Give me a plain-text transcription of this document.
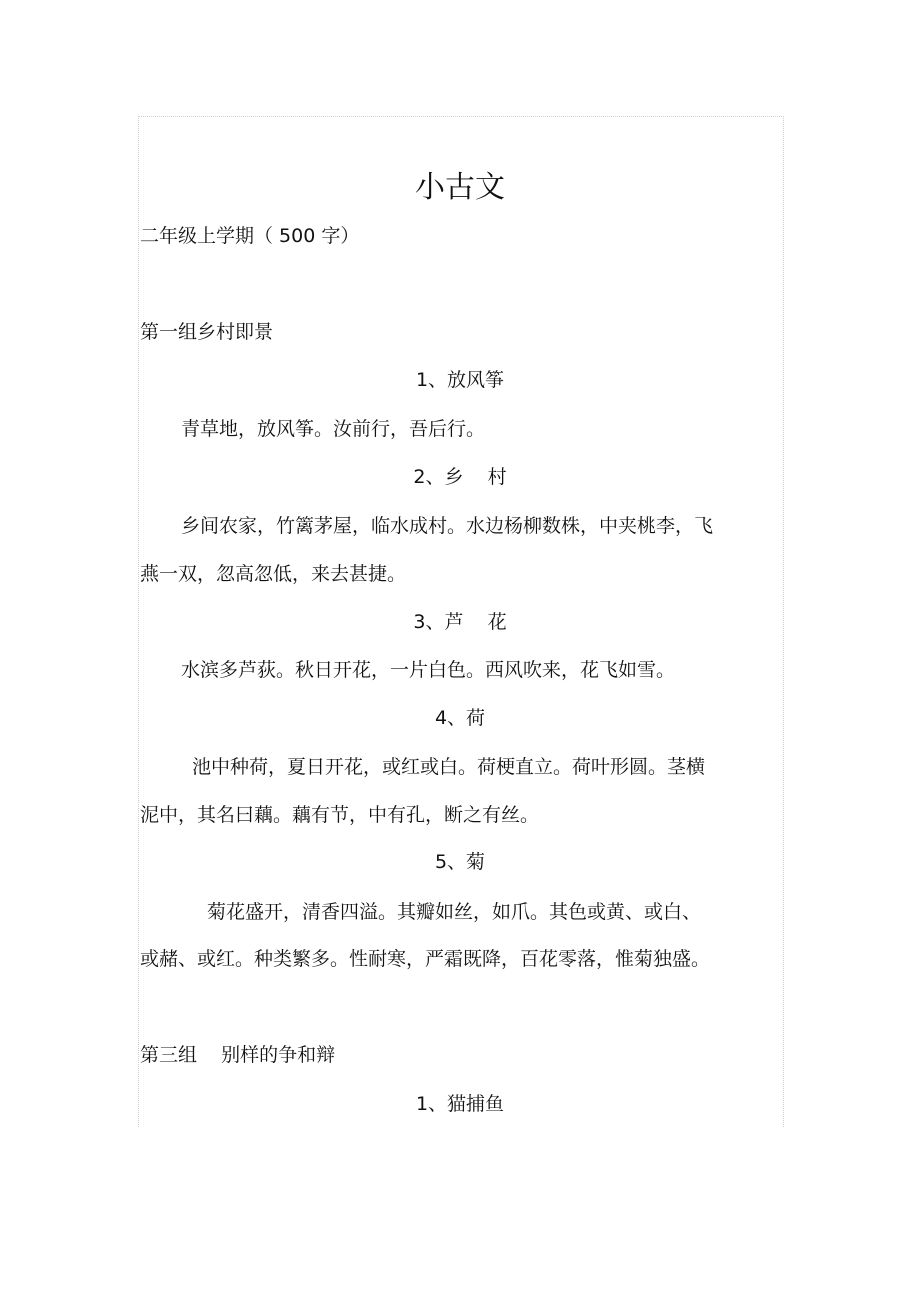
小古文
二年级上学期（ 500 字）
第一组乡村即景
1、放风筝
青草地，放风筝。汝前行，吾后行。
2、乡    村
乡间农家，竹篱茅屋，临水成村。水边杨柳数株，中夹桃李，飞
燕一双，忽高忽低，来去甚捷。
3、芦    花
水滨多芦荻。秋日开花，一片白色。西风吹来，花飞如雪。
4、荷
池中种荷，夏日开花，或红或白。荷梗直立。荷叶形圆。茎横
泥中，其名曰藕。藕有节，中有孔，断之有丝。
5、菊
菊花盛开，清香四溢。其瓣如丝，如爪。其色或黄、或白、
或赭、或红。种类繁多。性耐寒，严霜既降，百花零落，惟菊独盛。
第三组    别样的争和辩
1、猫捕鱼
